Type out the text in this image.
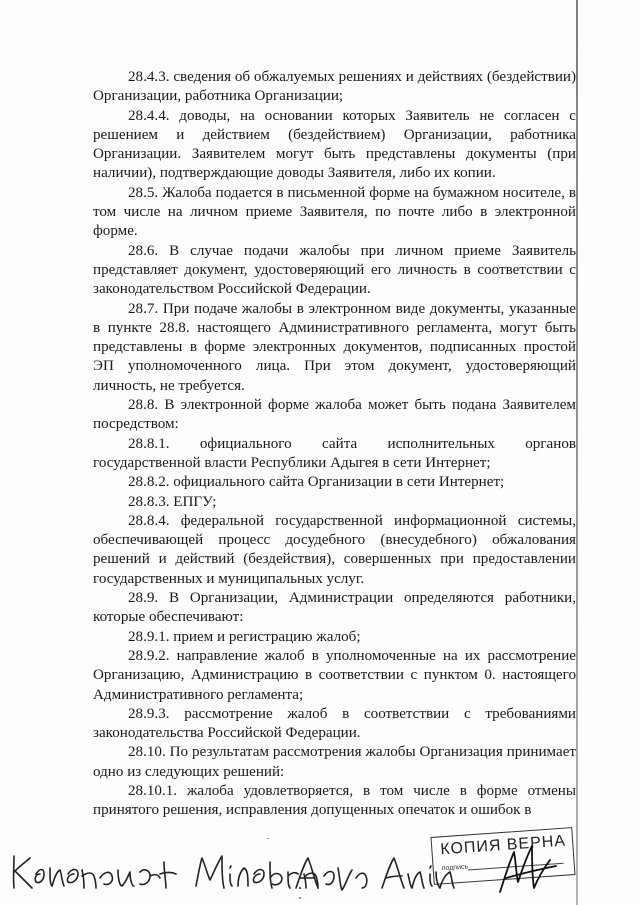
28.4.3. сведения об обжалуемых решениях и действиях (бездействии) Организации, работника Организации;

28.4.4. доводы, на основании которых Заявитель не согласен с решением и действием (бездействием) Организации, работника Организации. Заявителем могут быть представлены документы (при наличии), подтверждающие доводы Заявителя, либо их копии.

28.5. Жалоба подается в письменной форме на бумажном носителе, в том числе на личном приеме Заявителя, по почте либо в электронной форме.

28.6. В случае подачи жалобы при личном приеме Заявитель представляет документ, удостоверяющий его личность в соответствии с законодательством Российской Федерации.

28.7. При подаче жалобы в электронном виде документы, указанные в пункте 28.8. настоящего Административного регламента, могут быть представлены в форме электронных документов, подписанных простой ЭП уполномоченного лица. При этом документ, удостоверяющий личность, не требуется.

28.8. В электронной форме жалоба может быть подана Заявителем посредством:

28.8.1. официального сайта исполнительных органов государственной власти Республики Адыгея в сети Интернет;

28.8.2. официального сайта Организации в сети Интернет;

28.8.3. ЕПГУ;

28.8.4. федеральной государственной информационной системы, обеспечивающей процесс досудебного (внесудебного) обжалования решений и действий (бездействия), совершенных при предоставлении государственных и муниципальных услуг.

28.9. В Организации, Администрации определяются работники, которые обеспечивают:

28.9.1. прием и регистрацию жалоб;

28.9.2. направление жалоб в уполномоченные на их рассмотрение Организацию, Администрацию в соответствии с пунктом 0. настоящего Административного регламента;

28.9.3. рассмотрение жалоб в соответствии с требованиями законодательства Российской Федерации.

28.10. По результатам рассмотрения жалобы Организация принимает одно из следующих решений:

28.10.1. жалоба удовлетворяется, в том числе в форме отмены принятого решения, исправления допущенных опечаток и ошибок в

КОПИЯ ВЕРНА
подпись
